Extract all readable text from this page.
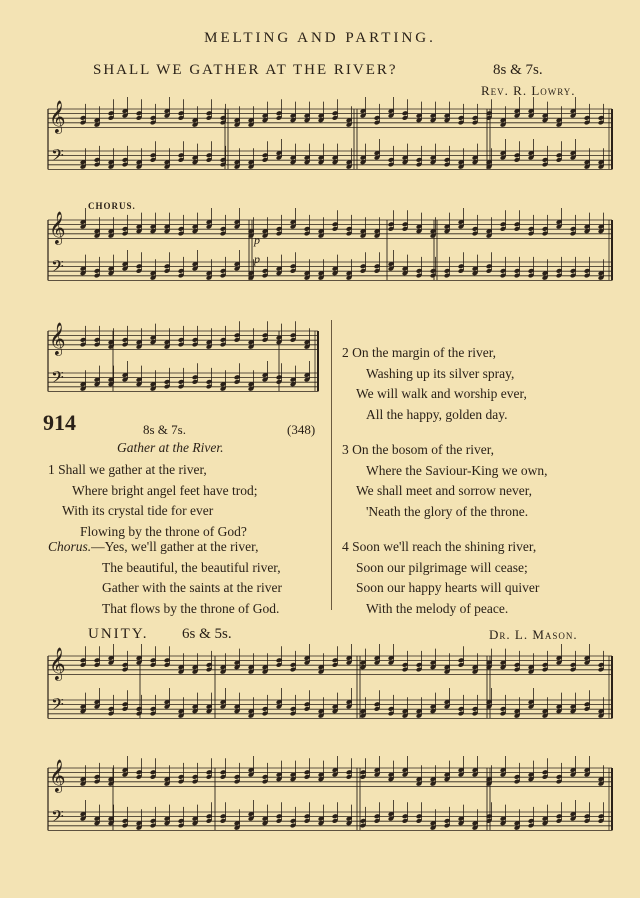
MELTING AND PARTING.
SHALL WE GATHER AT THE RIVER?	8s & 7s.
Rev. R. Lowry.
CHORUS.
p
p
𝄞
𝄢
𝄞
𝄢
𝄞
𝄢
𝄞
𝄢
𝄞
𝄢
914	8s & 7s.	(348)
Gather at the River.
1 Shall we gather at the river,
Where bright angel feet have trod;
With its crystal tide for ever
Flowing by the throne of God?
Chorus.—Yes, we'll gather at the river,
The beautiful, the beautiful river,
Gather with the saints at the river
That flows by the throne of God.
2 On the margin of the river,
Washing up its silver spray,
We will walk and worship ever,
All the happy, golden day.
3 On the bosom of the river,
Where the Saviour-King we own,
We shall meet and sorrow never,
'Neath the glory of the throne.
4 Soon we'll reach the shining river,
Soon our pilgrimage will cease;
Soon our happy hearts will quiver
With the melody of peace.
UNITY. 6s & 5s.	Dr. L. Mason.
